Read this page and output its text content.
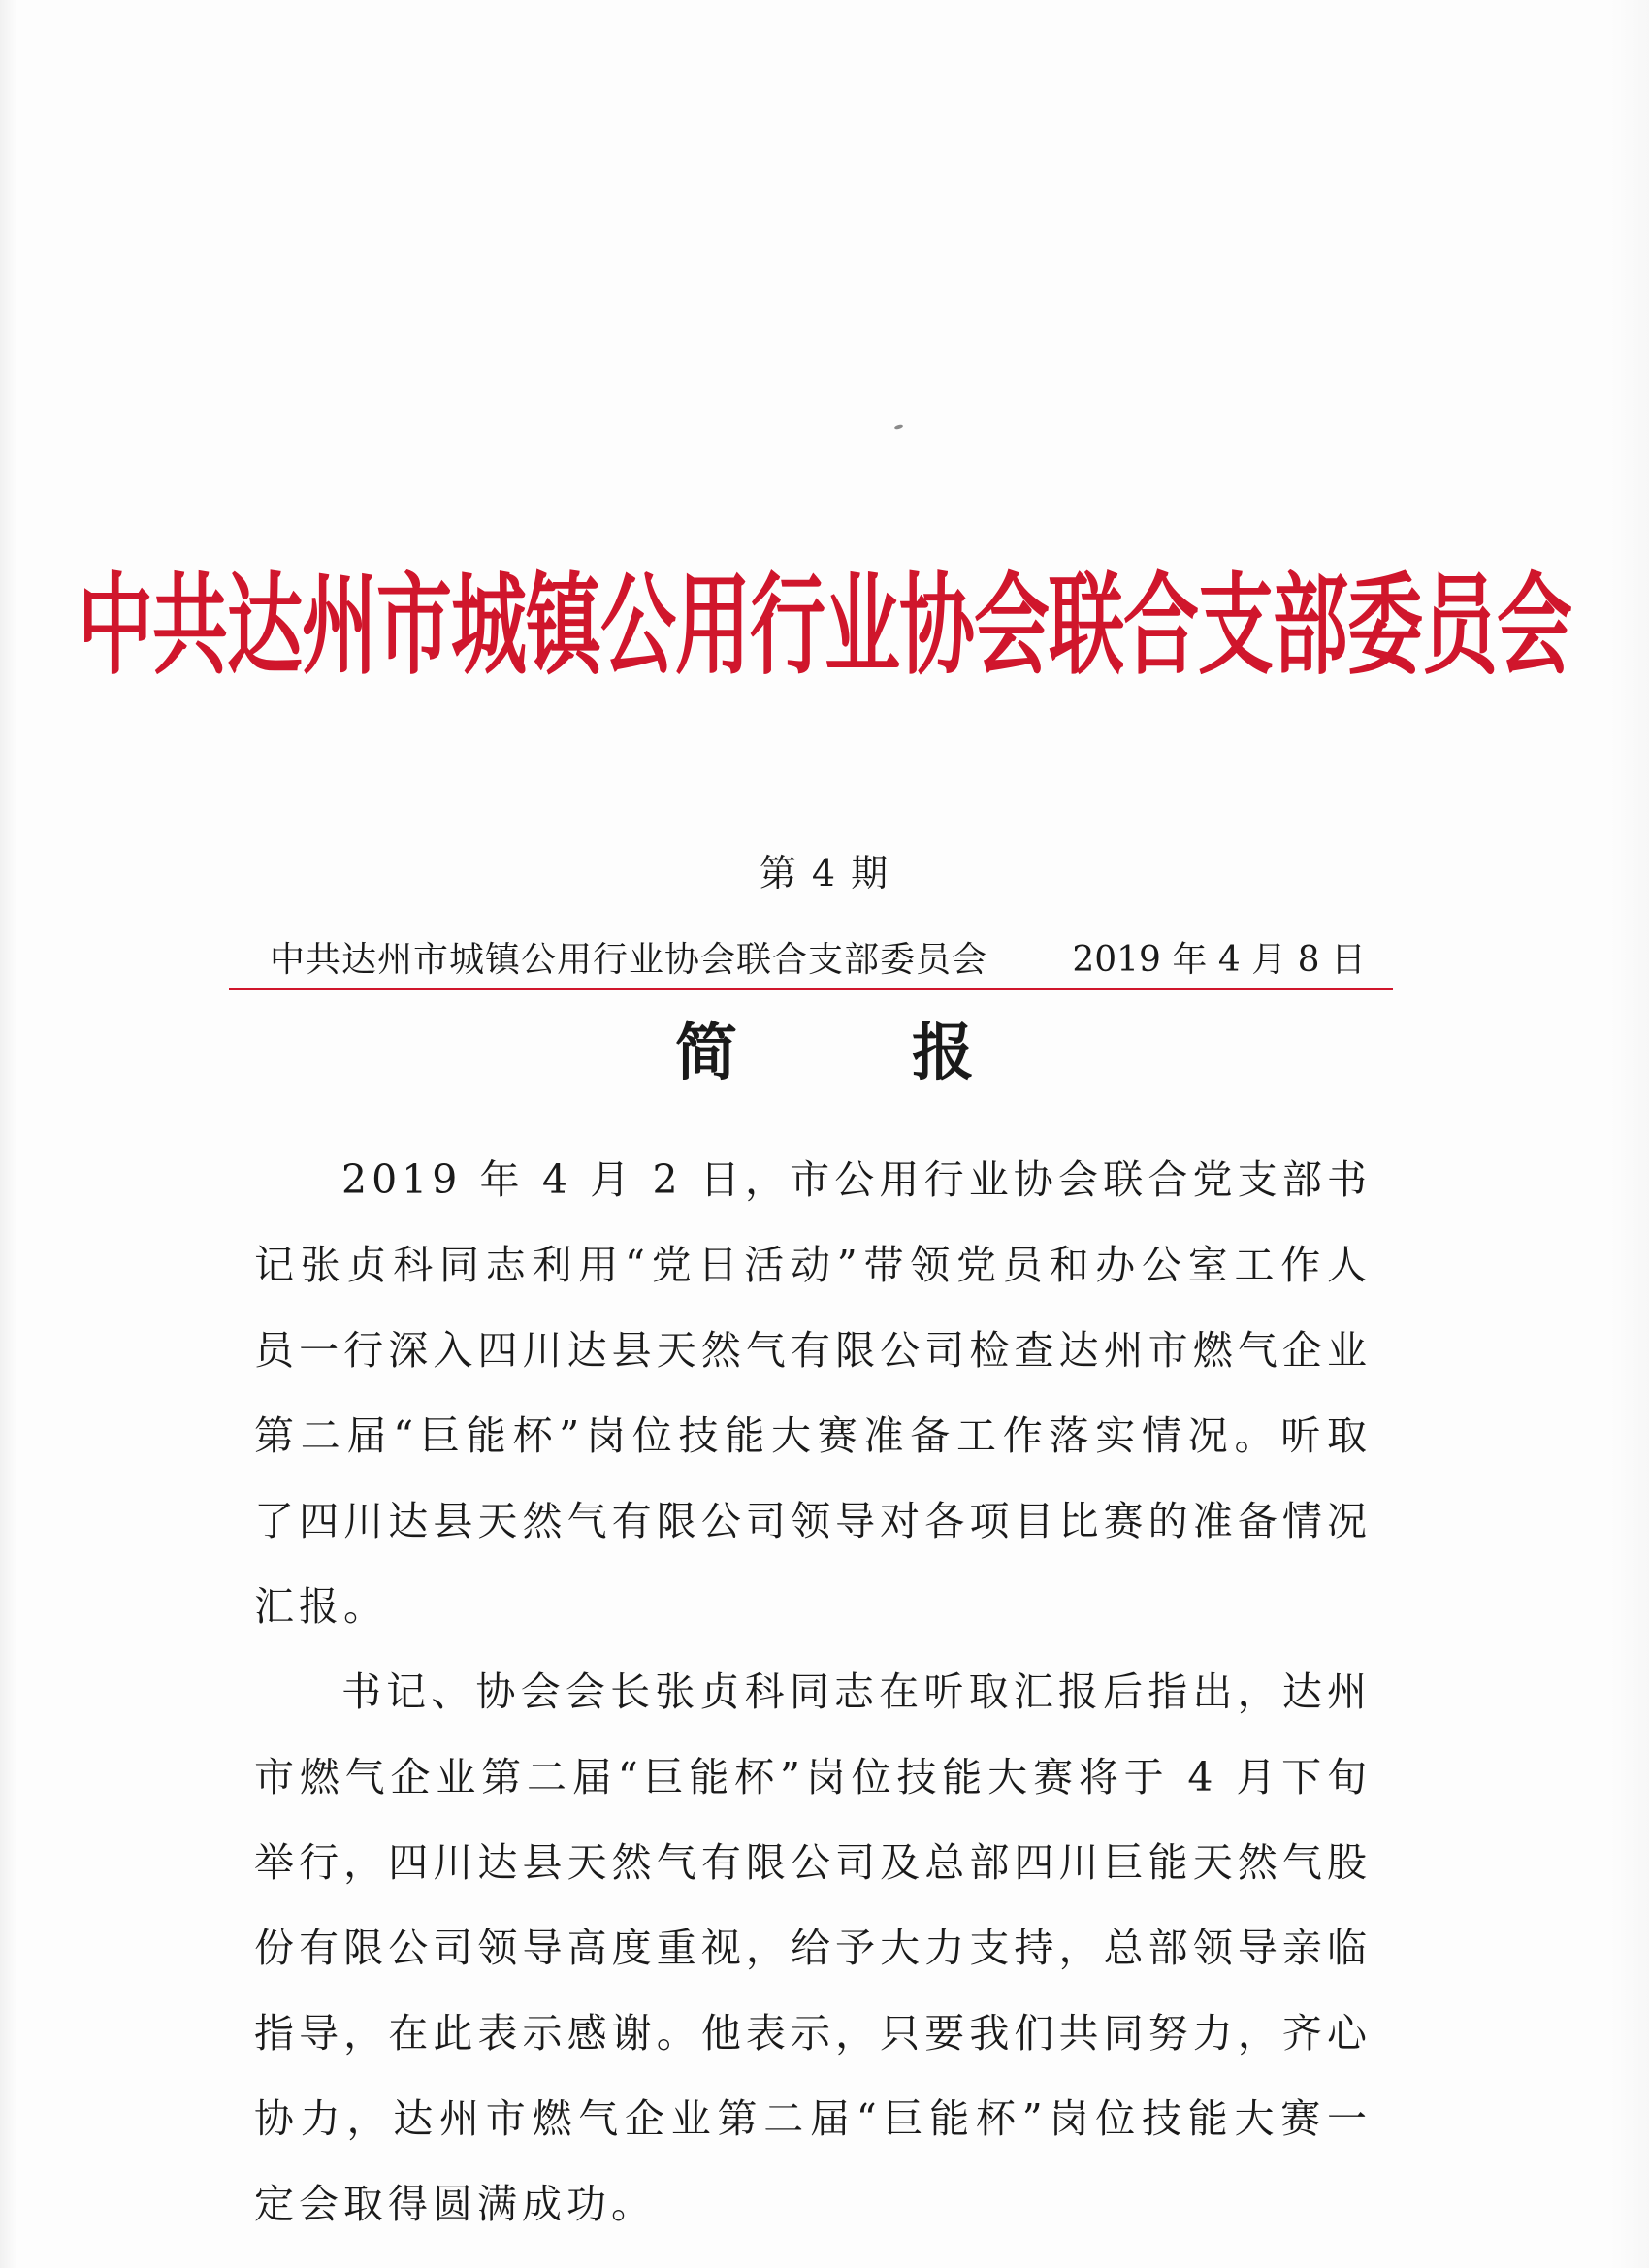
中共达州市城镇公用行业协会联合支部委员会
第 4 期
中共达州市城镇公用行业协会联合支部委员会 2019 年 4 月 8 日
简报

2019 年 4 月 2 日，市公用行业协会联合党支部书记张贞科同志利用“党日活动”带领党员和办公室工作人员一行深入四川达县天然气有限公司检查达州市燃气企业第二届“巨能杯”岗位技能大赛准备工作落实情况。听取了四川达县天然气有限公司领导对各项目比赛的准备情况汇报。

书记、协会会长张贞科同志在听取汇报后指出，达州市燃气企业第二届“巨能杯”岗位技能大赛将于 4 月下旬举行，四川达县天然气有限公司及总部四川巨能天然气股份有限公司领导高度重视，给予大力支持，总部领导亲临指导，在此表示感谢。他表示，只要我们共同努力，齐心协力，达州市燃气企业第二届“巨能杯”岗位技能大赛一定会取得圆满成功。
